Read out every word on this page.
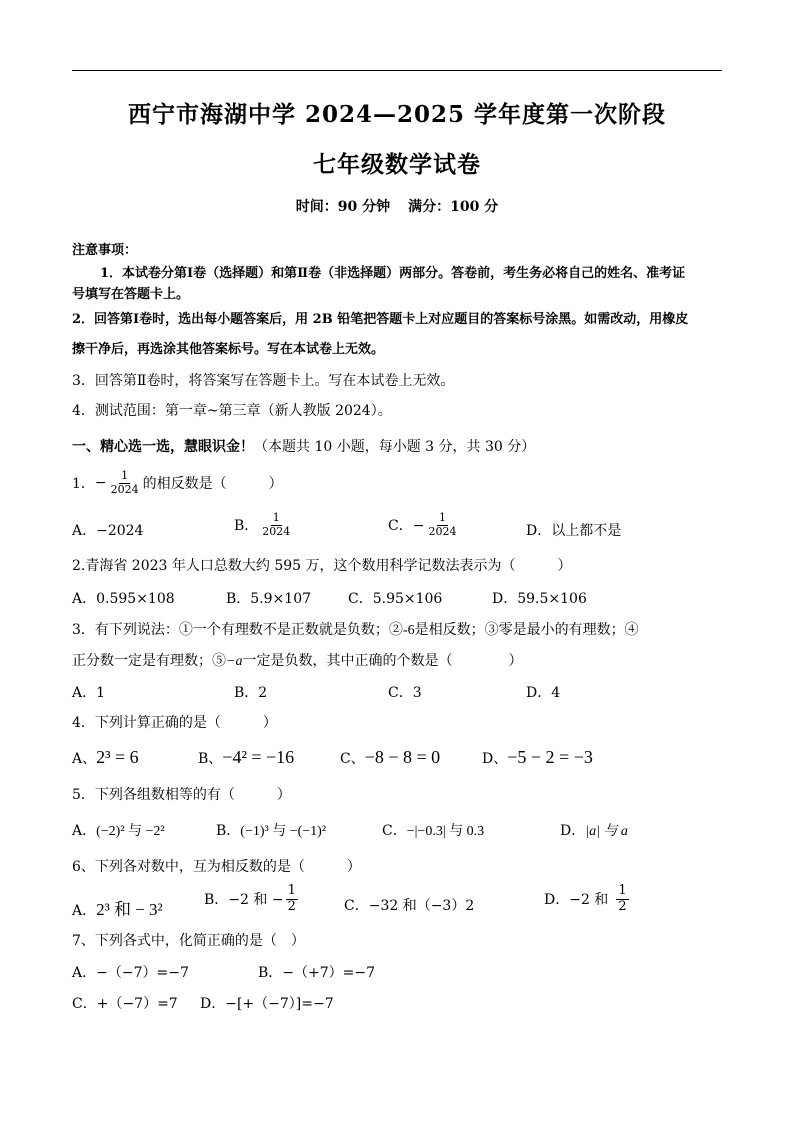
西宁市海湖中学 2024—2025 学年度第一次阶段
七年级数学试卷
时间：90 分钟 满分：100 分
注意事项：
1．本试卷分第Ⅰ卷（选择题）和第Ⅱ卷（非选择题）两部分。答卷前，考生务必将自己的姓名、准考证
号填写在答题卡上。
2．回答第Ⅰ卷时，选出每小题答案后，用 2B 铅笔把答题卡上对应题目的答案标号涂黑。如需改动，用橡皮
擦干净后，再选涂其他答案标号。写在本试卷上无效。
3．回答第Ⅱ卷时，将答案写在答题卡上。写在本试卷上无效。
4．测试范围：第一章~第三章（新人教版 2024）。
一、精心选一选，慧眼识金！（本题共 10 小题，每小题 3 分，共 30 分）
1． − $\frac{1}{2024}$ 的相反数是（　　　）
A．−2024	B． $\frac{1}{2024}$	C．− $\frac{1}{2024}$	D．以上都不是
2.青海省 2023 年人口总数大约 595 万，这个数用科学记数法表示为（　　　）
A．0.595×108	B．5.9×107	C．5.95×106	D．59.5×106
3．有下列说法：①一个有理数不是正数就是负数；②-6是相反数；③零是最小的有理数；④
正分数一定是有理数；⑤−a一定是负数，其中正确的个数是（　　　　）
A．1	B．2	C．3	D．4
4．下列计算正确的是（　　　）
A、2³ = 6	B、−4² = −16	C、−8 − 8 = 0	D、−5 − 2 = −3
5．下列各组数相等的有（　　　）
A．(−2)² 与 −2²	B．(−1)³ 与 −(−1)²	C．−|−0.3| 与 0.3	D．|a| 与 a
6、下列各对数中，互为相反数的是（　　　）
A．2³ 和 − 3²	B．−2 和 − $\frac{1}{2}$	C．−32 和（−3）2	D．−2 和 $\frac{1}{2}$
7、下列各式中，化简正确的是（　）
A．−（−7）=−7	B．−（+7）=−7
C．+（−7）=7 D．−[+（−7）]=−7
